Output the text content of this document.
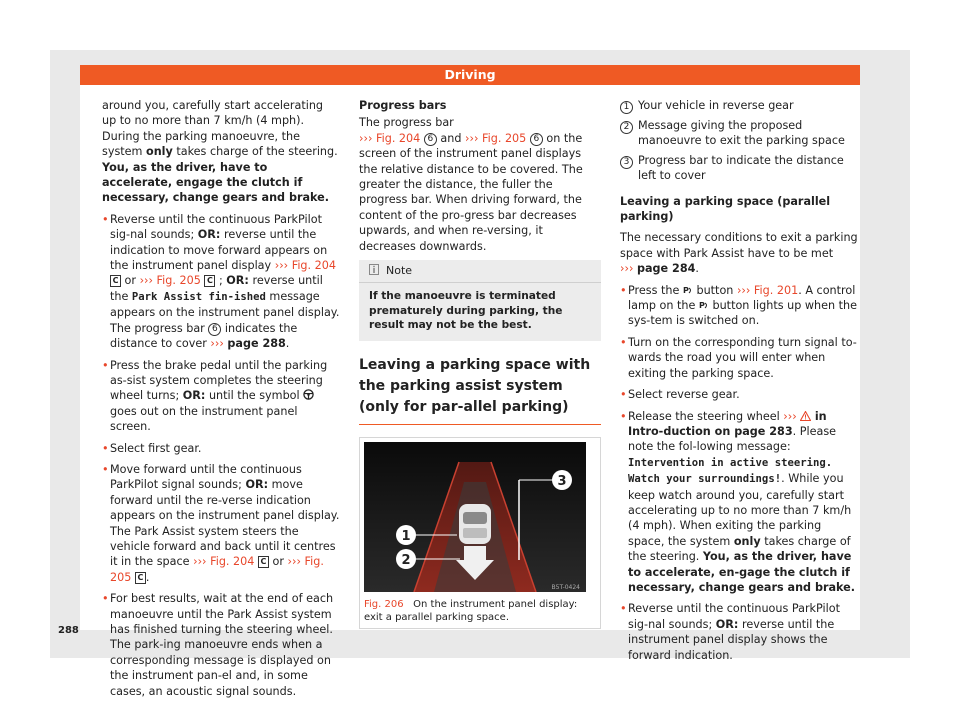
Driving

around you, carefully start accelerating up to no more than 7 km/h (4 mph). During the parking manoeuvre, the system only takes charge of the steering. You, as the driver, have to accelerate, engage the clutch if necessary, change gears and brake.

• Reverse until the continuous ParkPilot sig-nal sounds; OR: reverse until the indication to move forward appears on the instrument panel display ››› Fig. 204 C or ››› Fig. 205 C ; OR: reverse until the Park Assist fin-ished message appears on the instrument panel display. The progress bar 6 indicates the distance to cover ››› page 288.

• Press the brake pedal until the parking as-sist system completes the steering wheel turns; OR: until the symbol  goes out on the instrument panel screen.

• Select first gear.

• Move forward until the continuous ParkPilot signal sounds; OR: move forward until the re-verse indication appears on the instrument panel display. The Park Assist system steers the vehicle forward and back until it centres it in the space ››› Fig. 204 C or ››› Fig. 205 C .

• For best results, wait at the end of each manoeuvre until the Park Assist system has finished turning the steering wheel. The park-ing manoeuvre ends when a corresponding message is displayed on the instrument pan-el and, in some cases, an acoustic signal sounds.

Progress bars

The progress bar
››› Fig. 204 6 and ››› Fig. 205 6 on the screen of the instrument panel displays the relative distance to be covered. The greater the distance, the fuller the progress bar. When driving forward, the content of the pro-gress bar decreases upwards, and when re-versing, it decreases downwards.

Note
If the manoeuvre is terminated prematurely during parking, the result may not be the best.
Leaving a parking space with the parking assist system (only for par-allel parking)
3
1
2
B5T-0424
Fig. 206 On the instrument panel display: exit a parallel parking space.
1 Your vehicle in reverse gear
2 Message giving the proposed manoeuvre to exit the parking space
3 Progress bar to indicate the distance left to cover

Leaving a parking space (parallel parking)

The necessary conditions to exit a parking space with Park Assist have to be met
››› page 284.

• Press the P button ››› Fig. 201. A control lamp on the P button lights up when the sys-tem is switched on.

• Turn on the corresponding turn signal to-wards the road you will enter when exiting the parking space.

• Select reverse gear.

• Release the steering wheel ››› in Intro-duction on page 283. Please note the fol-lowing message: Intervention in active steering. Watch your surroundings!. While you keep watch around you, carefully start accelerating up to no more than 7 km/h (4 mph). When exiting the parking space, the system only takes charge of the steering. You, as the driver, have to accelerate, en-gage the clutch if necessary, change gears and brake.

• Reverse until the continuous ParkPilot sig-nal sounds; OR: reverse until the instrument panel display shows the forward indication.

288
